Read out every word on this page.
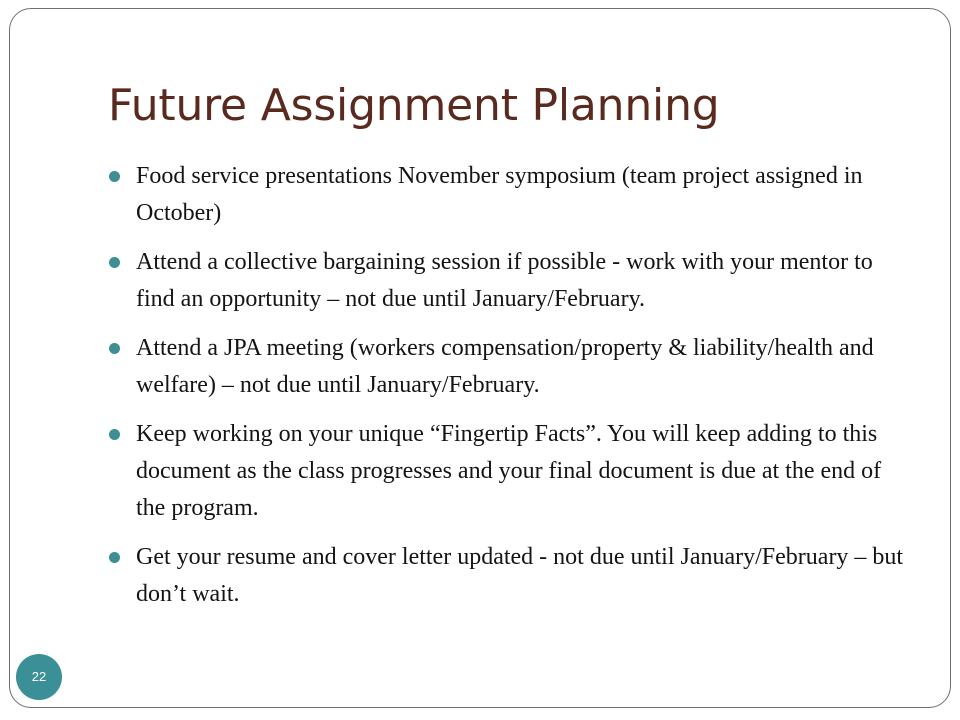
Future Assignment Planning
Food service presentations November symposium (team project assigned in October)
Attend a collective bargaining session if possible - work with your mentor to find an opportunity – not due until January/February.
Attend a JPA meeting (workers compensation/property & liability/health and welfare) – not due until January/February.
Keep working on your unique “Fingertip Facts”. You will keep adding to this document as the class progresses and your final document is due at the end of the program.
Get your resume and cover letter updated - not due until January/February – but don’t wait.
22
